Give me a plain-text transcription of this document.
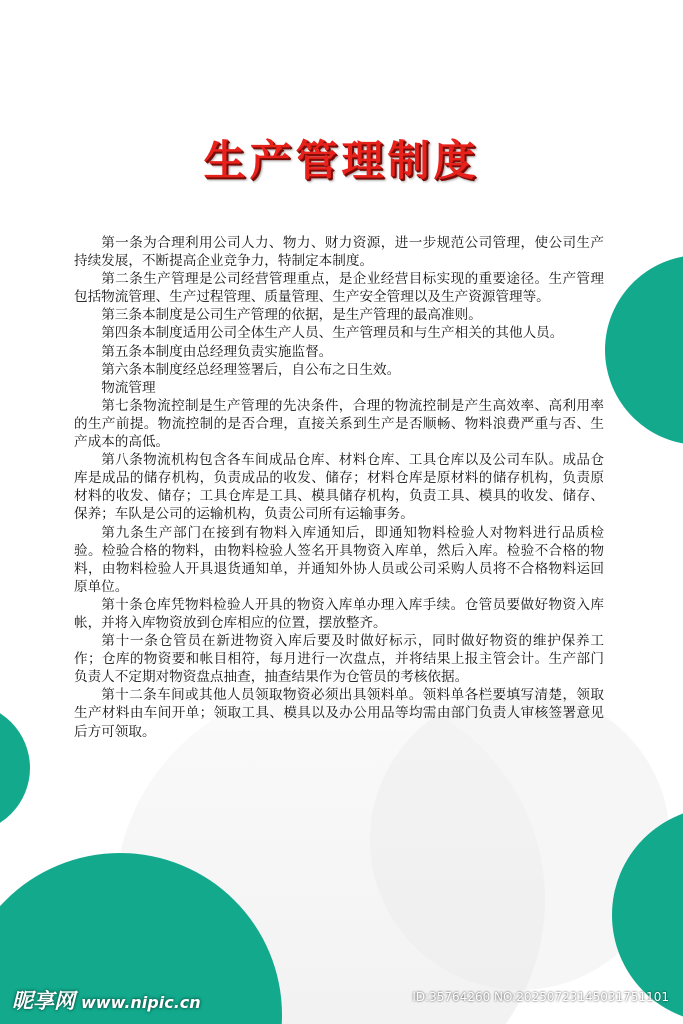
生产管理制度

第一条为合理利用公司人力、物力、财力资源，进一步规范公司管理，使公司生产持续发展，不断提高企业竞争力，特制定本制度。

第二条生产管理是公司经营管理重点，是企业经营目标实现的重要途径。生产管理包括物流管理、生产过程管理、质量管理、生产安全管理以及生产资源管理等。

第三条本制度是公司生产管理的依据，是生产管理的最高准则。

第四条本制度适用公司全体生产人员、生产管理员和与生产相关的其他人员。

第五条本制度由总经理负责实施监督。

第六条本制度经总经理签署后，自公布之日生效。

物流管理

第七条物流控制是生产管理的先决条件，合理的物流控制是产生高效率、高利用率的生产前提。物流控制的是否合理，直接关系到生产是否顺畅、物料浪费严重与否、生产成本的高低。

第八条物流机构包含各车间成品仓库、材料仓库、工具仓库以及公司车队。成品仓库是成品的储存机构，负责成品的收发、储存；材料仓库是原材料的储存机构，负责原材料的收发、储存；工具仓库是工具、模具储存机构，负责工具、模具的收发、储存、保养；车队是公司的运输机构，负责公司所有运输事务。

第九条生产部门在接到有物料入库通知后，即通知物料检验人对物料进行品质检验。检验合格的物料，由物料检验人签名开具物资入库单，然后入库。检验不合格的物料，由物料检验人开具退货通知单，并通知外协人员或公司采购人员将不合格物料运回原单位。

第十条仓库凭物料检验人开具的物资入库单办理入库手续。仓管员要做好物资入库帐，并将入库物资放到仓库相应的位置，摆放整齐。

第十一条仓管员在新进物资入库后要及时做好标示，同时做好物资的维护保养工作；仓库的物资要和帐目相符，每月进行一次盘点，并将结果上报主管会计。生产部门负责人不定期对物资盘点抽查，抽查结果作为仓管员的考核依据。

第十二条车间或其他人员领取物资必须出具领料单。领料单各栏要填写清楚，领取生产材料由车间开单；领取工具、模具以及办公用品等均需由部门负责人审核签署意见后方可领取。

昵享网 www.nipic.cn	ID:35764260 NO:20250723145031751101
